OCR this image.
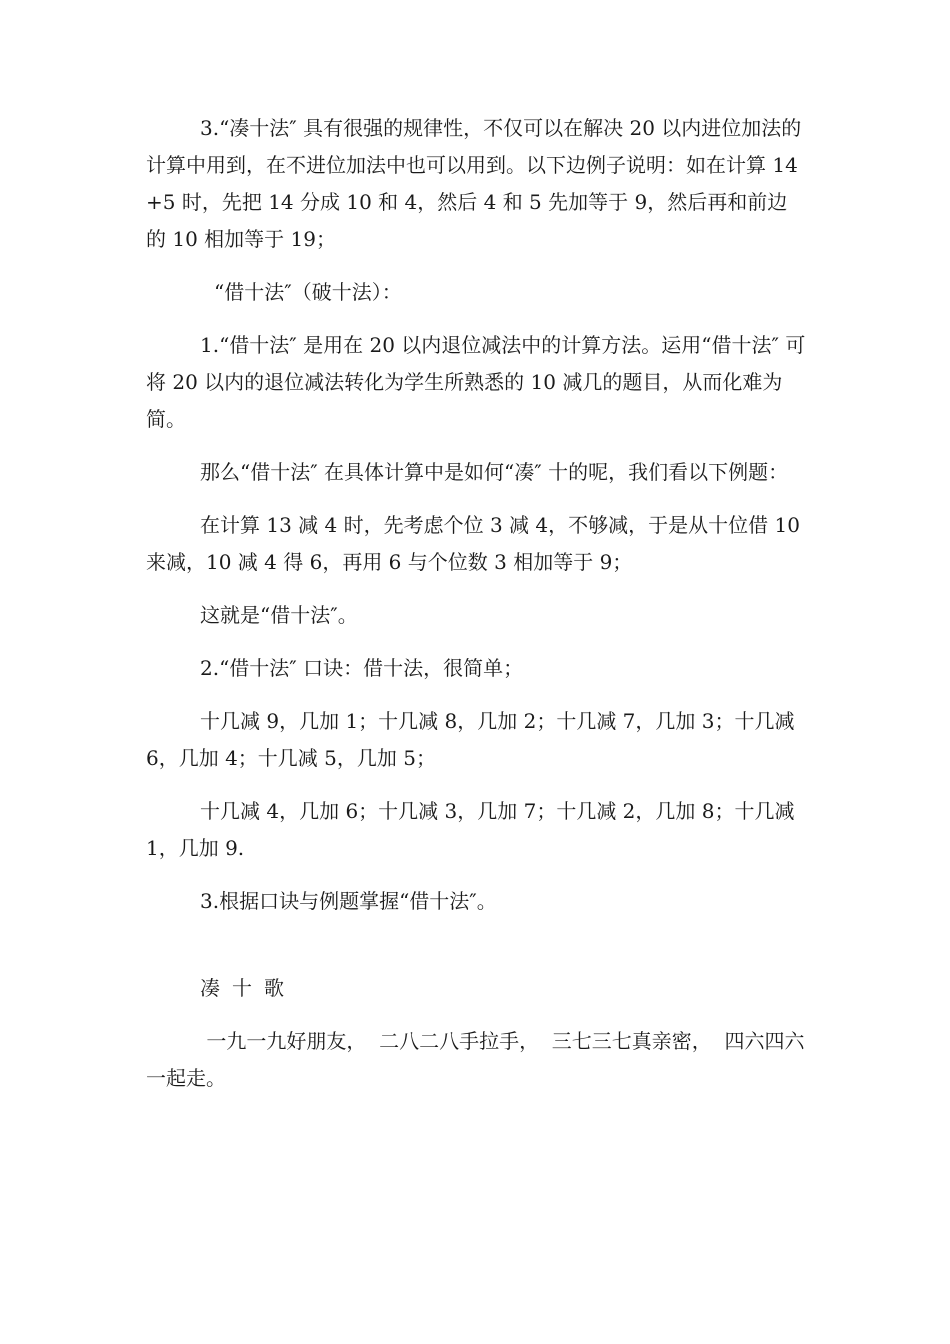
3.“凑十法″ 具有很强的规律性，不仅可以在解决 20 以内进位加法的计算中用到，在不进位加法中也可以用到。以下边例子说明：如在计算 14+5 时，先把 14 分成 10 和 4，然后 4 和 5 先加等于 9，然后再和前边的 10 相加等于 19；

“借十法″（破十法）：

1.“借十法″ 是用在 20 以内退位减法中的计算方法。运用“借十法″ 可将 20 以内的退位减法转化为学生所熟悉的 10 减几的题目，从而化难为简。

那么“借十法″ 在具体计算中是如何“凑″ 十的呢，我们看以下例题：

在计算 13 减 4 时，先考虑个位 3 减 4，不够减，于是从十位借 10 来减，10 减 4 得 6，再用 6 与个位数 3 相加等于 9；

这就是“借十法″。

2.“借十法″ 口诀：借十法，很简单；

十几减 9，几加 1；十几减 8，几加 2；十几减 7，几加 3；十几减 6，几加 4；十几减 5，几加 5；

十几减 4，几加 6；十几减 3，几加 7；十几减 2，几加 8；十几减 1，几加 9.

3.根据口诀与例题掌握“借十法″。

凑十歌

一九一九好朋友，  二八二八手拉手，  三七三七真亲密，  四六四六一起走。
